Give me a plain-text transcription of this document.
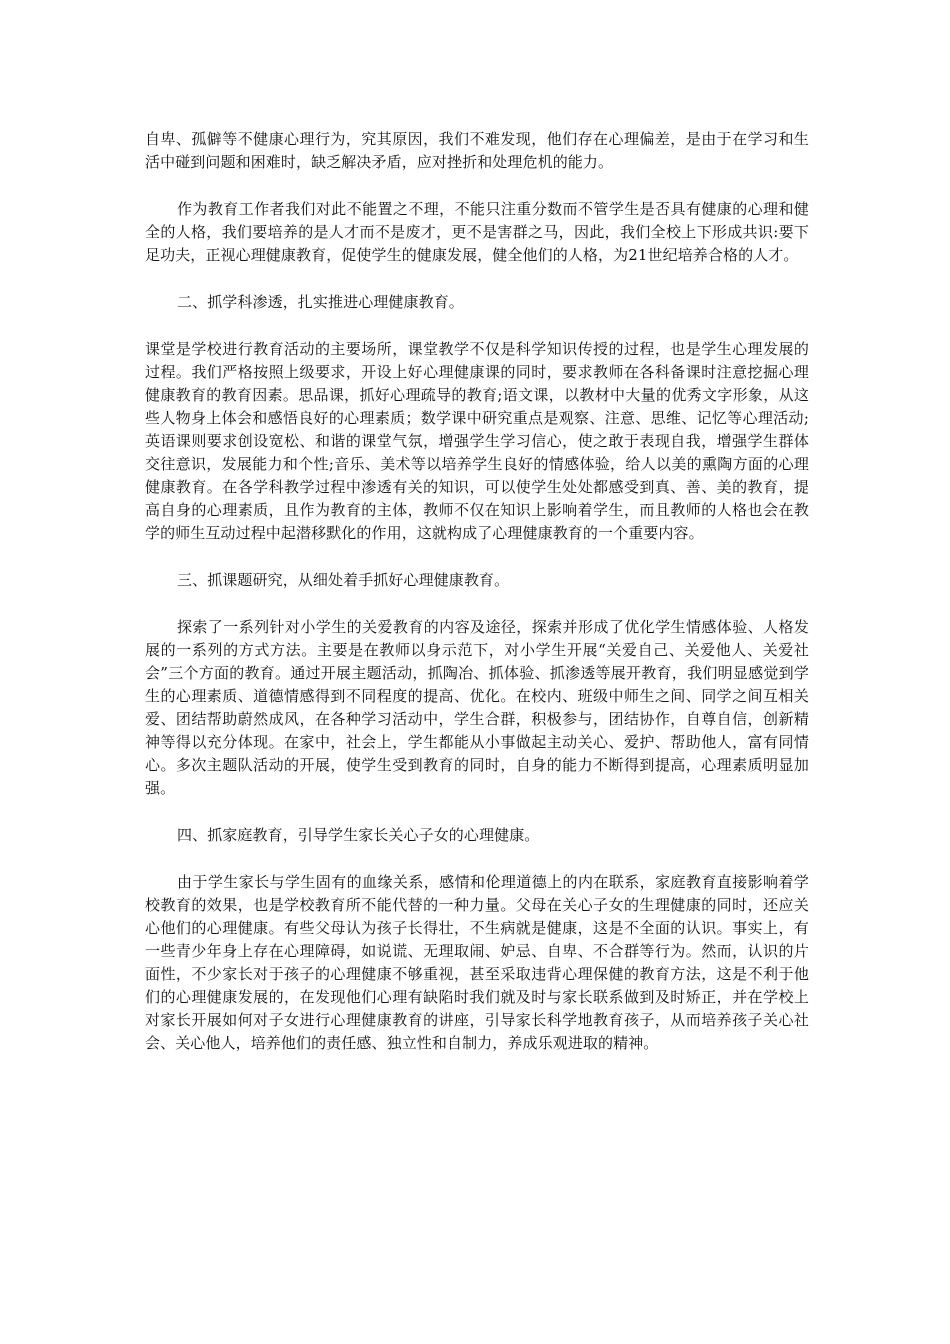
自卑、孤僻等不健康心理行为，究其原因，我们不难发现，他们存在心理偏差，是由于在学习和生活中碰到问题和困难时，缺乏解决矛盾，应对挫折和处理危机的能力。

作为教育工作者我们对此不能置之不理，不能只注重分数而不管学生是否具有健康的心理和健全的人格，我们要培养的是人才而不是废才，更不是害群之马，因此，我们全校上下形成共识:要下足功夫，正视心理健康教育，促使学生的健康发展，健全他们的人格，为21世纪培养合格的人才。

二、抓学科渗透，扎实推进心理健康教育。

课堂是学校进行教育活动的主要场所，课堂教学不仅是科学知识传授的过程，也是学生心理发展的过程。我们严格按照上级要求，开设上好心理健康课的同时，要求教师在各科备课时注意挖掘心理健康教育的教育因素。思品课，抓好心理疏导的教育;语文课，以教材中大量的优秀文字形象，从这些人物身上体会和感悟良好的心理素质；数学课中研究重点是观察、注意、思维、记忆等心理活动;英语课则要求创设宽松、和谐的课堂气氛，增强学生学习信心，使之敢于表现自我，增强学生群体交往意识，发展能力和个性;音乐、美术等以培养学生良好的情感体验，给人以美的熏陶方面的心理健康教育。在各学科教学过程中渗透有关的知识，可以使学生处处都感受到真、善、美的教育，提高自身的心理素质，且作为教育的主体，教师不仅在知识上影响着学生，而且教师的人格也会在教学的师生互动过程中起潜移默化的作用，这就构成了心理健康教育的一个重要内容。

三、抓课题研究，从细处着手抓好心理健康教育。

探索了一系列针对小学生的关爱教育的内容及途径，探索并形成了优化学生情感体验、人格发展的一系列的方式方法。主要是在教师以身示范下，对小学生开展“关爱自己、关爱他人、关爱社会”三个方面的教育。通过开展主题活动，抓陶冶、抓体验、抓渗透等展开教育，我们明显感觉到学生的心理素质、道德情感得到不同程度的提高、优化。在校内、班级中师生之间、同学之间互相关爱、团结帮助蔚然成风，在各种学习活动中，学生合群，积极参与，团结协作，自尊自信，创新精神等得以充分体现。在家中，社会上，学生都能从小事做起主动关心、爱护、帮助他人，富有同情心。多次主题队活动的开展，使学生受到教育的同时，自身的能力不断得到提高，心理素质明显加强。

四、抓家庭教育，引导学生家长关心子女的心理健康。

由于学生家长与学生固有的血缘关系，感情和伦理道德上的内在联系，家庭教育直接影响着学校教育的效果，也是学校教育所不能代替的一种力量。父母在关心子女的生理健康的同时，还应关心他们的心理健康。有些父母认为孩子长得壮，不生病就是健康，这是不全面的认识。事实上，有一些青少年身上存在心理障碍，如说谎、无理取闹、妒忌、自卑、不合群等行为。然而，认识的片面性，不少家长对于孩子的心理健康不够重视，甚至采取违背心理保健的教育方法，这是不利于他们的心理健康发展的，在发现他们心理有缺陷时我们就及时与家长联系做到及时矫正，并在学校上对家长开展如何对子女进行心理健康教育的讲座，引导家长科学地教育孩子，从而培养孩子关心社会、关心他人，培养他们的责任感、独立性和自制力，养成乐观进取的精神。
